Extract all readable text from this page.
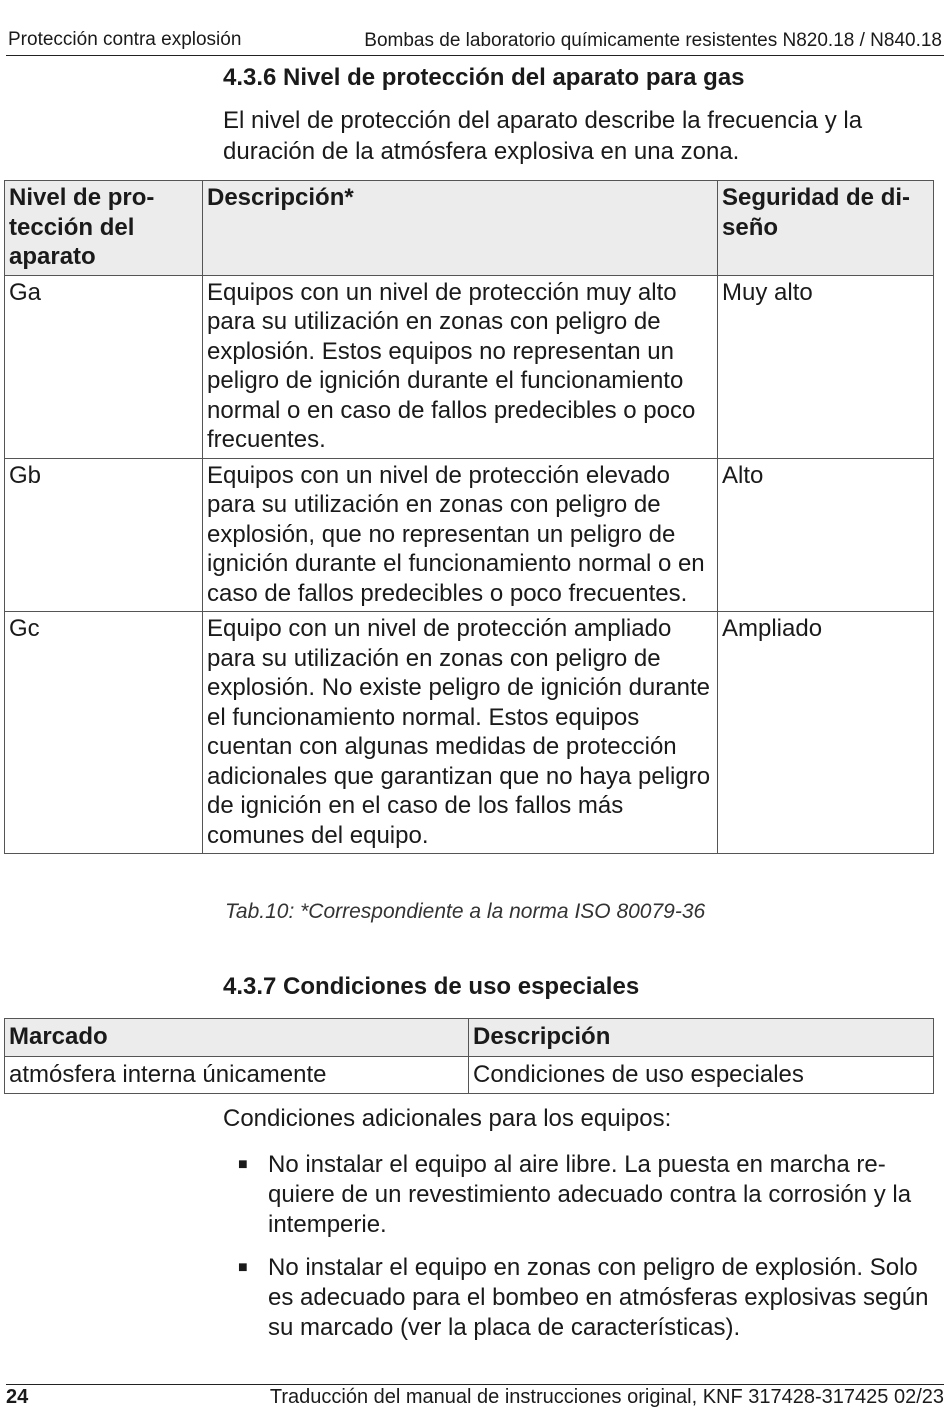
Protección contra explosión	Bombas de laboratorio químicamente resistentes N820.18 / N840.18
4.3.6 Nivel de protección del aparato para gas
El nivel de protección del aparato describe la frecuencia y la duración de la atmósfera explosiva en una zona.
Nivel de protección del aparato	Descripción*	Seguridad de diseño
Ga	Equipos con un nivel de protección muy alto para su utilización en zonas con peligro de explosión. Estos equipos no representan un peligro de ignición durante el funcionamiento normal o en caso de fallos predecibles o poco frecuentes.	Muy alto
Gb	Equipos con un nivel de protección elevado para su utilización en zonas con peligro de explosión, que no representan un peligro de ignición durante el funcionamiento normal o en caso de fallos predecibles o poco frecuentes.	Alto
Gc	Equipo con un nivel de protección ampliado para su utilización en zonas con peligro de explosión. No existe peligro de ignición durante el funcionamiento normal. Estos equipos cuentan con algunas medidas de protección adicionales que garantizan que no haya peligro de ignición en el caso de los fallos más comunes del equipo.	Ampliado
Tab.10: *Correspondiente a la norma ISO 80079-36
4.3.7 Condiciones de uso especiales
Marcado	Descripción
atmósfera interna únicamente	Condiciones de uso especiales
Condiciones adicionales para los equipos:
■ No instalar el equipo al aire libre. La puesta en marcha requiere de un revestimiento adecuado contra la corrosión y la intemperie.
■ No instalar el equipo en zonas con peligro de explosión. Solo es adecuado para el bombeo en atmósferas explosivas según su marcado (ver la placa de características).
24	Traducción del manual de instrucciones original, KNF 317428-317425 02/23
